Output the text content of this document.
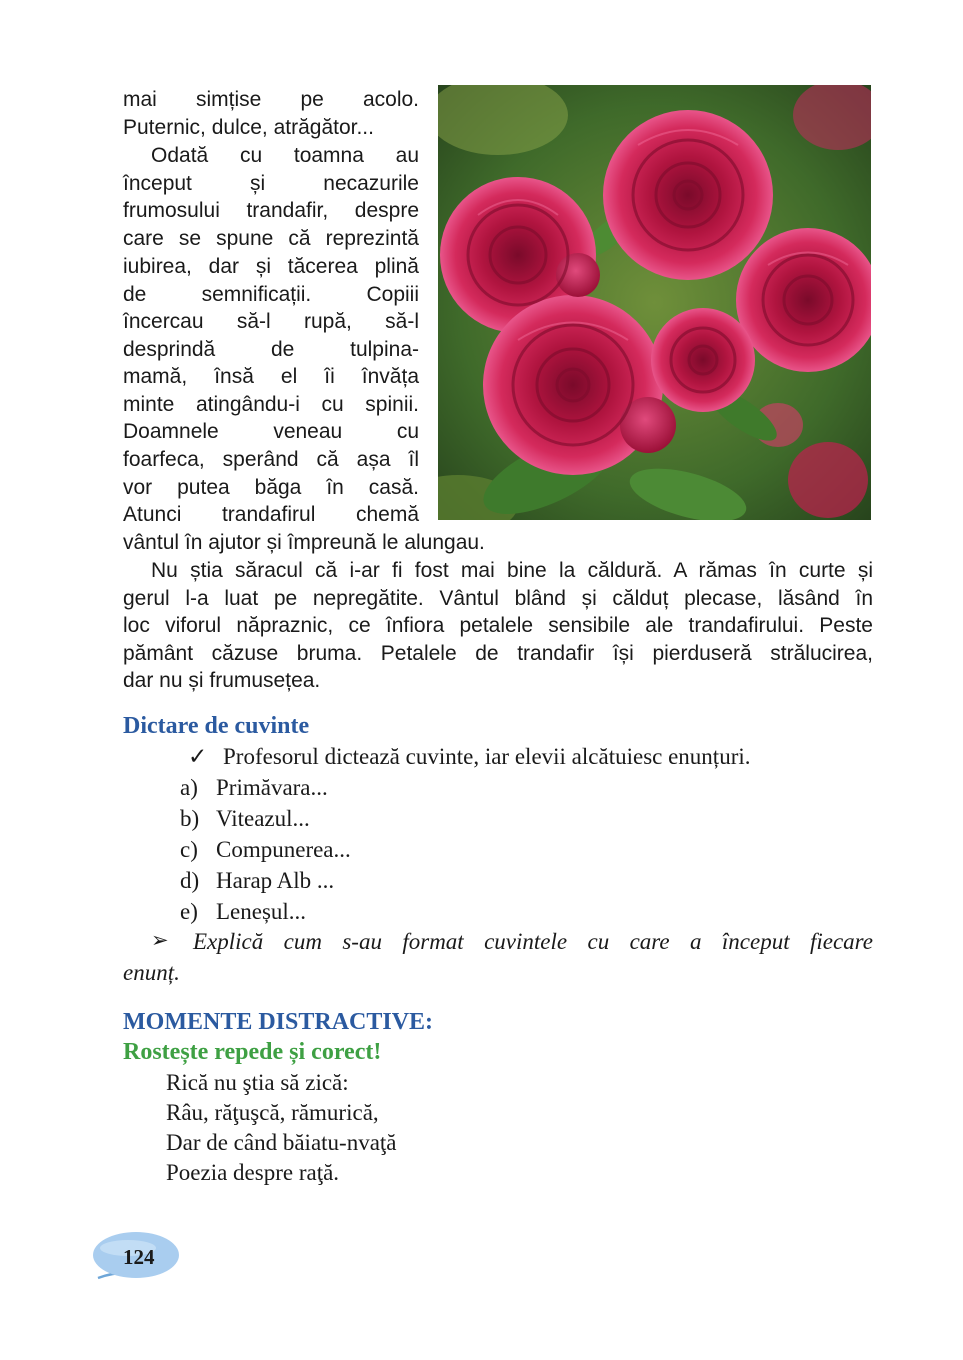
mai simțise pe acolo.
Puternic, dulce, atrăgător...
Odată cu toamna au
început și necazurile
frumosului trandafir, despre
care se spune că reprezintă
iubirea, dar și tăcerea plină
de semnificații. Copiii
încercau să-l rupă, să-l
desprindă de tulpina-
mamă, însă el îi învăța
minte atingându-i cu spinii.
Doamnele veneau cu
foarfeca, sperând că așa îl
vor putea băga în casă.
Atunci trandafirul chemă
vântul în ajutor și împreună le alungau.
Nu știa săracul că i-ar fi fost mai bine la căldură. A rămas în curte și
gerul l-a luat pe nepregătite. Vântul blând și călduț plecase, lăsând în
loc viforul năpraznic, ce înfiora petalele sensibile ale trandafirului. Peste
pământ căzuse bruma. Petalele de trandafir își pierduseră strălucirea,
dar nu și frumusețea.
Dictare de cuvinte
✓ Profesorul dictează cuvinte, iar elevii alcătuiesc enunțuri.
a) Primăvara...
b) Viteazul...
c) Compunerea...
d) Harap Alb ...
e) Leneșul...
➢ Explică cum s-au format cuvintele cu care a început fiecare
enunț.
MOMENTE DISTRACTIVE:
Rostește repede și corect!
Rică nu ştia să zică:
Râu, răţuşcă, rămurică,
Dar de când băiatu-nvaţă
Poezia despre raţă.
124
